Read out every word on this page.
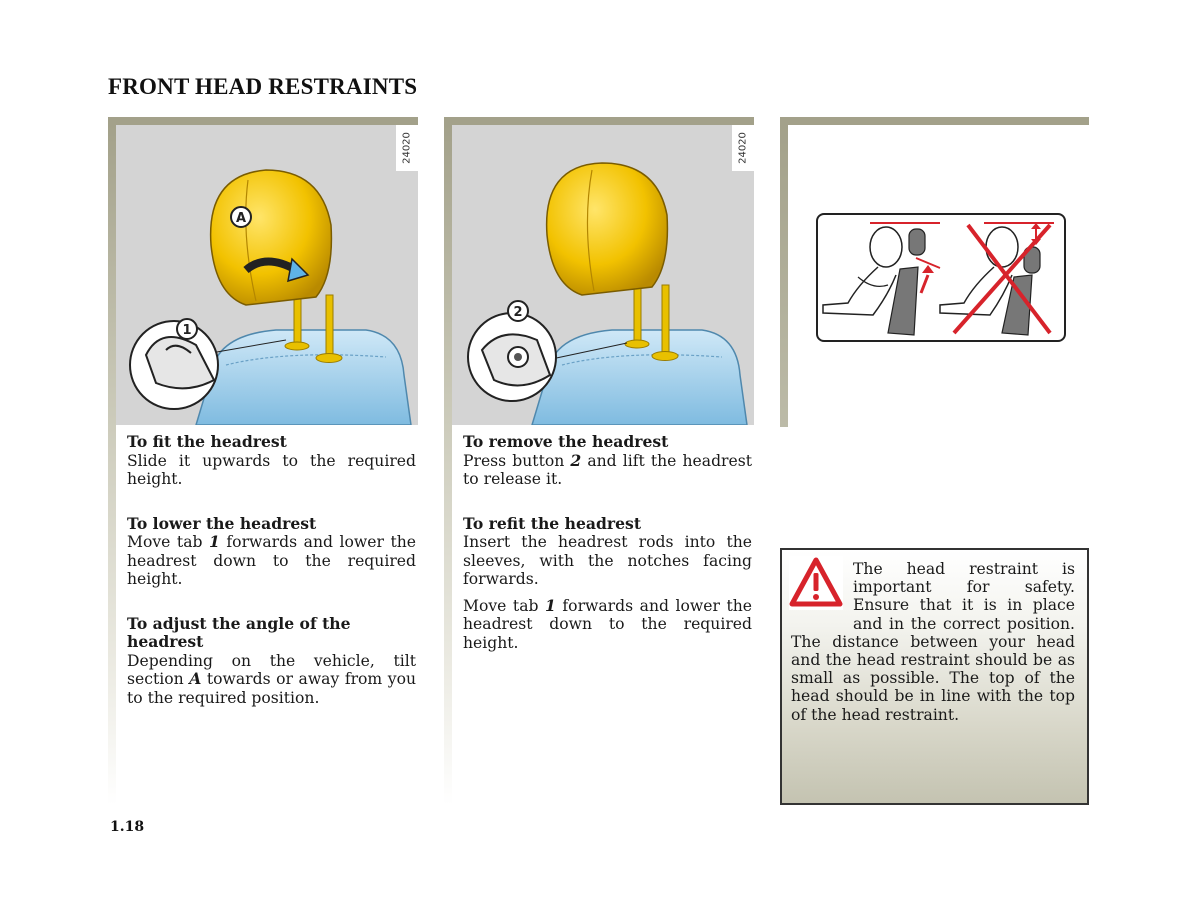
FRONT HEAD RESTRAINTS
A
1
24020
To fit the headrest

Slide it upwards to the required height.

To lower the headrest

Move tab 1 forwards and lower the headrest down to the required height.

To adjust the angle of the headrest

Depending on the vehicle, tilt section A towards or away from you to the required position.

2
24020
To remove the headrest

Press button 2 and lift the headrest to release it.

To refit the headrest

Insert the headrest rods into the sleeves, with the notches facing forwards.

Move tab 1 forwards and lower the headrest down to the required height.

The head restraint is important for safety. Ensure that it is in place and in the correct position. The distance between your head and the head restraint should be as small as possible. The top of the head should be in line with the top of the head restraint.
1.18
